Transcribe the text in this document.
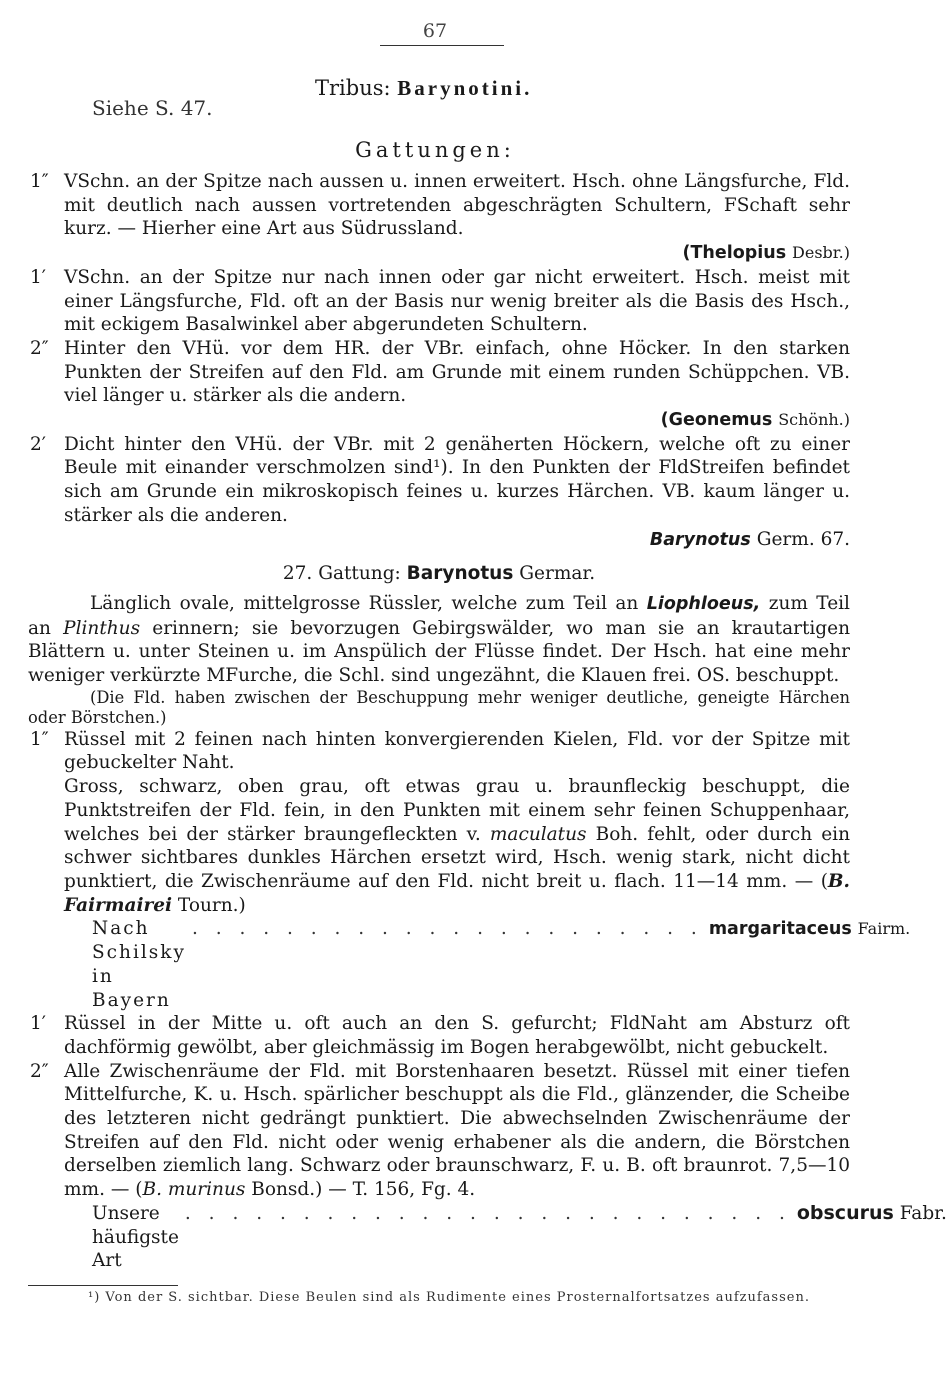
67
Tribus: Barynotini.
Siehe S. 47.
Gattungen:
1″ VSchn. an der Spitze nach aussen u. innen erweitert. Hsch. ohne Längsfurche, Fld. mit deutlich nach aussen vortretenden abgeschrägten Schultern, FSchaft sehr kurz. — Hierher eine Art aus Südrussland.
(Thelopius Desbr.)
1′ VSchn. an der Spitze nur nach innen oder gar nicht erweitert. Hsch. meist mit einer Längsfurche, Fld. oft an der Basis nur wenig breiter als die Basis des Hsch., mit eckigem Basalwinkel aber abgerundeten Schultern.
2″ Hinter den VHü. vor dem HR. der VBr. einfach, ohne Höcker. In den starken Punkten der Streifen auf den Fld. am Grunde mit einem runden Schüppchen. VB. viel länger u. stärker als die andern.
(Geonemus Schönh.)
2′ Dicht hinter den VHü. der VBr. mit 2 genäherten Höckern, welche oft zu einer Beule mit einander verschmolzen sind¹). In den Punkten der FldStreifen befindet sich am Grunde ein mikroskopisch feines u. kurzes Härchen. VB. kaum länger u. stärker als die anderen.
Barynotus Germ. 67.
27. Gattung: Barynotus Germar.
Länglich ovale, mittelgrosse Rüssler, welche zum Teil an Liophloeus, zum Teil an Plinthus erinnern; sie bevorzugen Gebirgswälder, wo man sie an krautartigen Blättern u. unter Steinen u. im Anspülich der Flüsse findet. Der Hsch. hat eine mehr weniger verkürzte MFurche, die Schl. sind ungezähnt, die Klauen frei. OS. beschuppt.
(Die Fld. haben zwischen der Beschuppung mehr weniger deutliche, geneigte Härchen oder Börstchen.)
1″ Rüssel mit 2 feinen nach hinten konvergierenden Kielen, Fld. vor der Spitze mit gebuckelter Naht.
Gross, schwarz, oben grau, oft etwas grau u. braunfleckig beschuppt, die Punktstreifen der Fld. fein, in den Punkten mit einem sehr feinen Schuppenhaar, welches bei der stärker braungefleckten v. maculatus Boh. fehlt, oder durch ein schwer sichtbares dunkles Härchen ersetzt wird, Hsch. wenig stark, nicht dicht punktiert, die Zwischenräume auf den Fld. nicht breit u. flach. 11—14 mm. — (B. Fairmairei Tourn.)
Nach Schilsky in Bayern
. . . . . . . . . . . . . . . . . . . . . . margaritaceus Fairm.
1′ Rüssel in der Mitte u. oft auch an den S. gefurcht; FldNaht am Absturz oft dachförmig gewölbt, aber gleichmässig im Bogen herabgewölbt, nicht gebuckelt.
2″ Alle Zwischenräume der Fld. mit Borstenhaaren besetzt. Rüssel mit einer tiefen Mittelfurche, K. u. Hsch. spärlicher beschuppt als die Fld., glänzender, die Scheibe des letzteren nicht gedrängt punktiert. Die abwechselnden Zwischenräume der Streifen auf den Fld. nicht oder wenig erhabener als die andern, die Börstchen derselben ziemlich lang. Schwarz oder braunschwarz, F. u. B. oft braunrot. 7,5—10 mm. — (B. murinus Bonsd.) — T. 156, Fg. 4.
Unsere häufigste Art
. . . . . . . . . . . . . . . . . . . . . . . . . . obscurus Fabr.
¹) Von der S. sichtbar. Diese Beulen sind als Rudimente eines Prosternalfortsatzes aufzufassen.
